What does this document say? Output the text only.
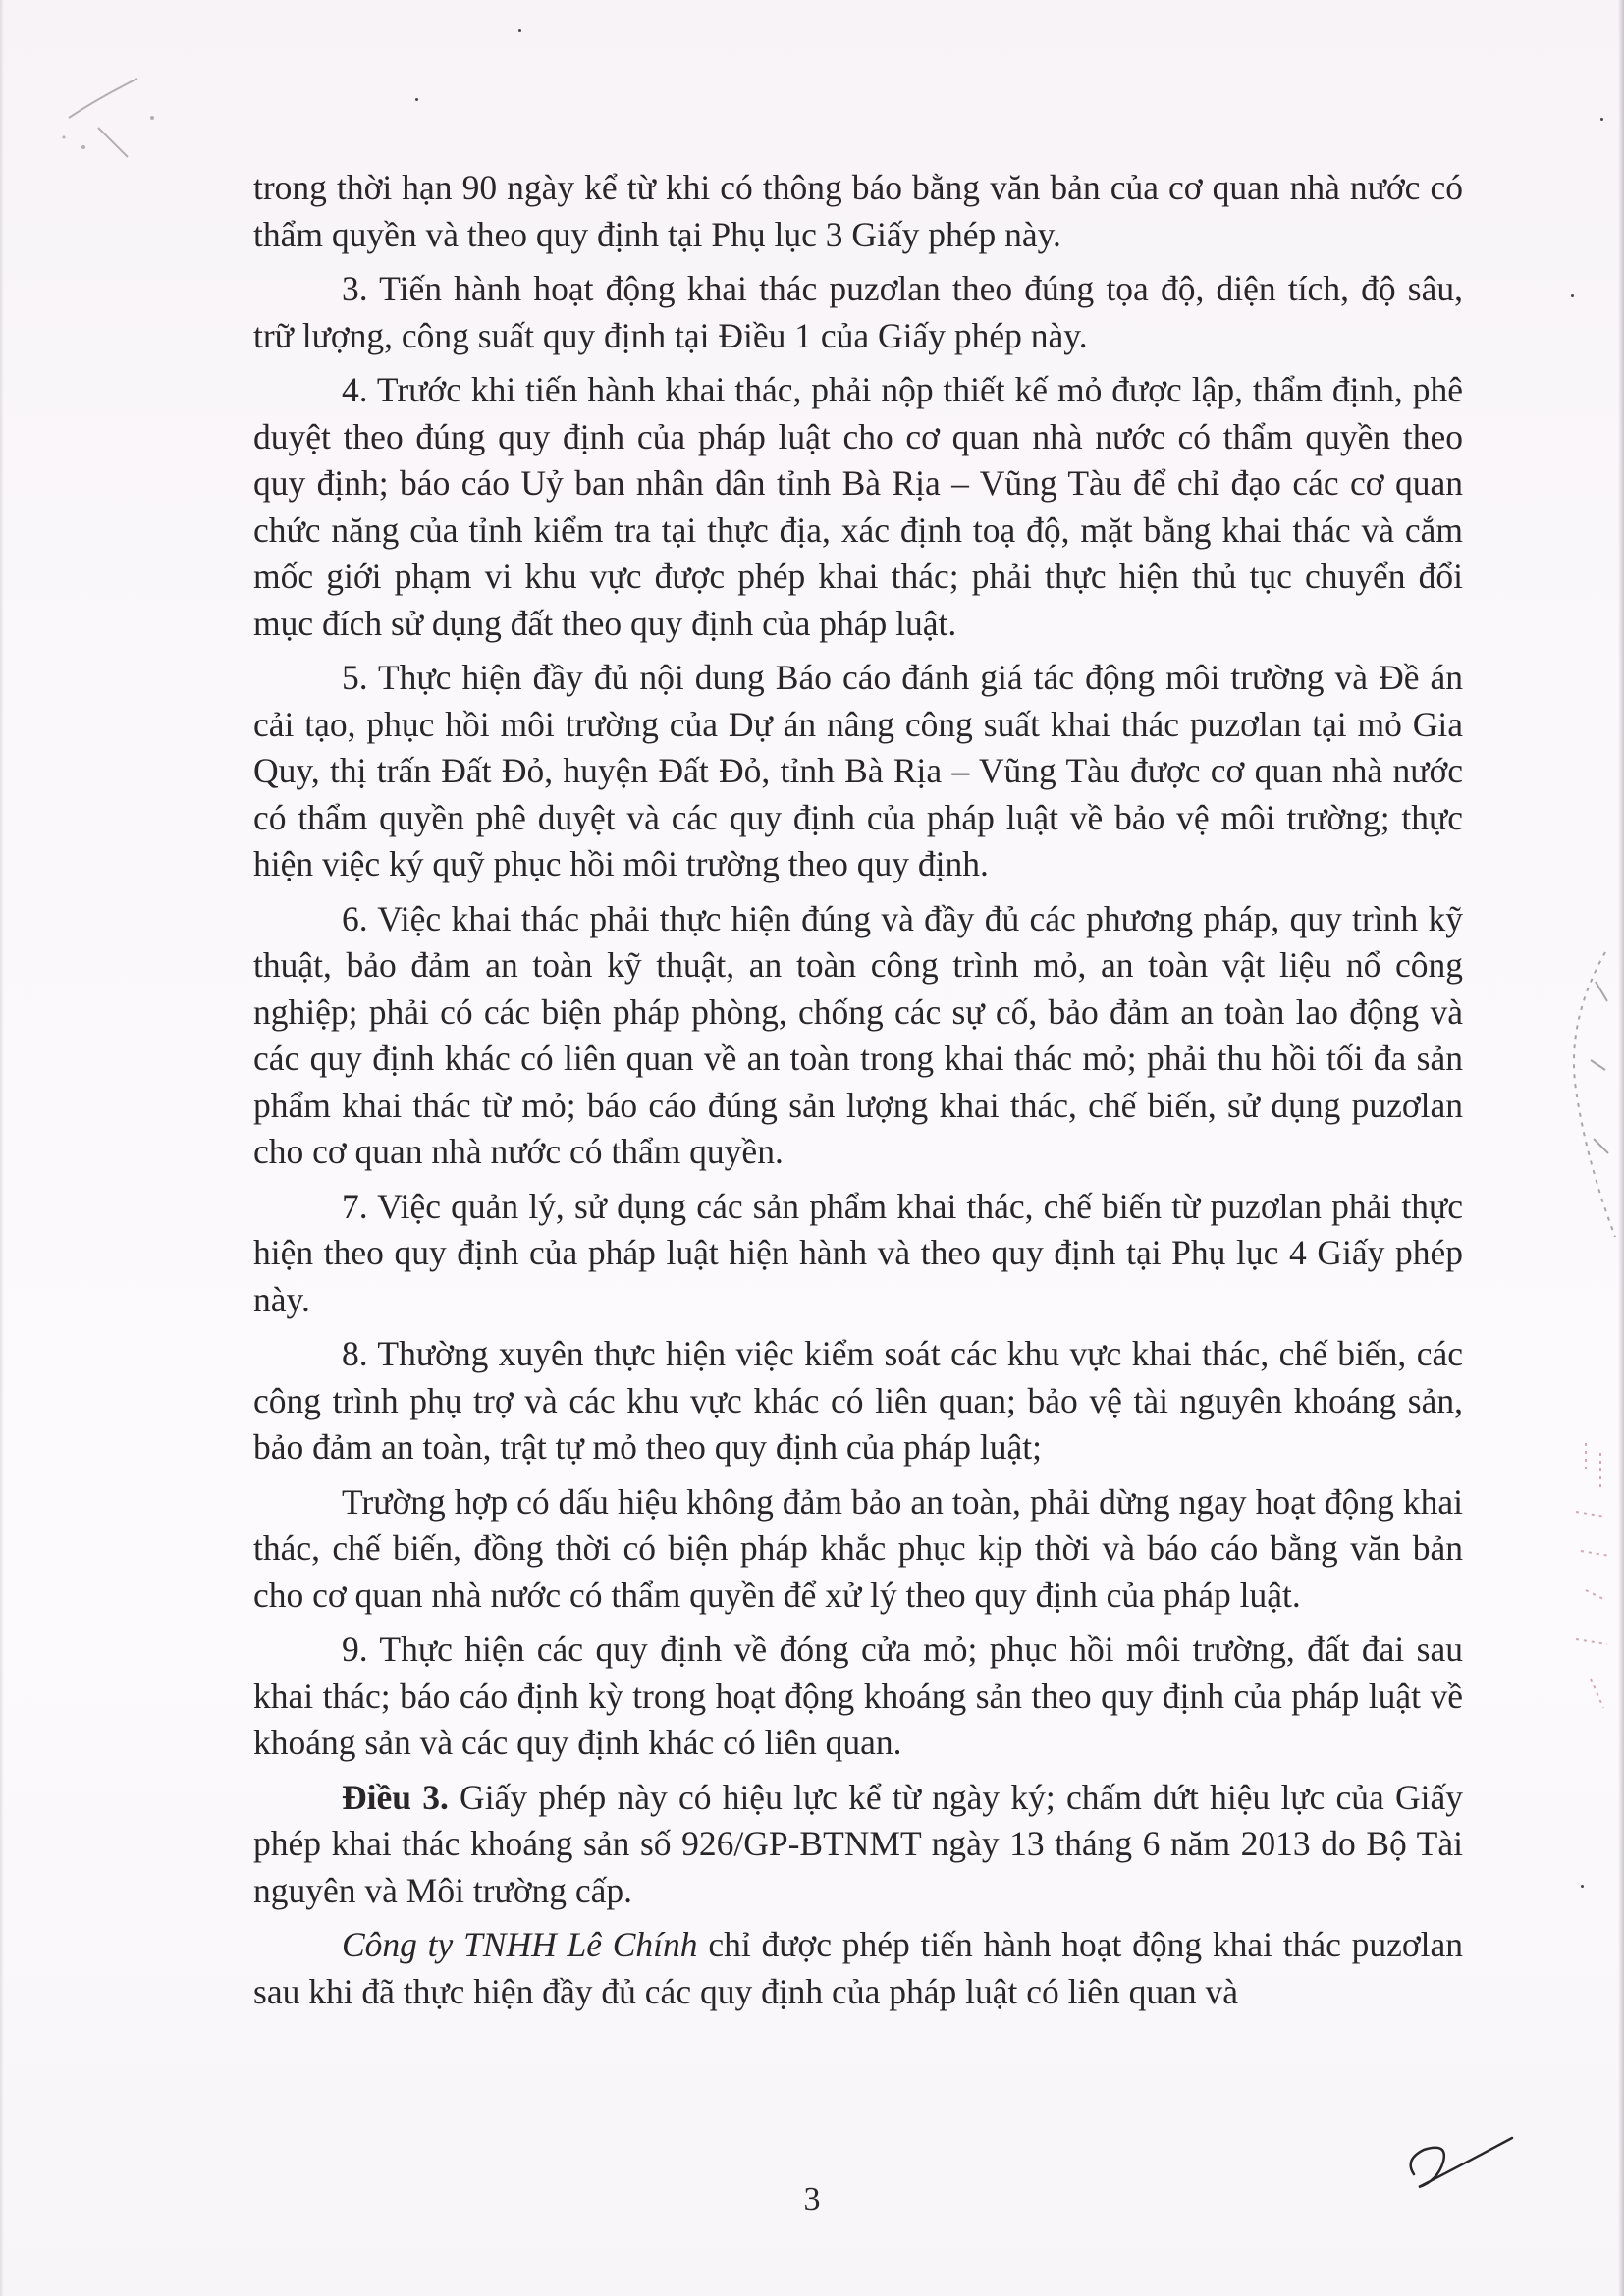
trong thời hạn 90 ngày kể từ khi có thông báo bằng văn bản của cơ quan nhà nước có thẩm quyền và theo quy định tại Phụ lục 3 Giấy phép này.

3. Tiến hành hoạt động khai thác puzơlan theo đúng tọa độ, diện tích, độ sâu, trữ lượng, công suất quy định tại Điều 1 của Giấy phép này.

4. Trước khi tiến hành khai thác, phải nộp thiết kế mỏ được lập, thẩm định, phê duyệt theo đúng quy định của pháp luật cho cơ quan nhà nước có thẩm quyền theo quy định; báo cáo Uỷ ban nhân dân tỉnh Bà Rịa – Vũng Tàu để chỉ đạo các cơ quan chức năng của tỉnh kiểm tra tại thực địa, xác định toạ độ, mặt bằng khai thác và cắm mốc giới phạm vi khu vực được phép khai thác; phải thực hiện thủ tục chuyển đổi mục đích sử dụng đất theo quy định của pháp luật.

5. Thực hiện đầy đủ nội dung Báo cáo đánh giá tác động môi trường và Đề án cải tạo, phục hồi môi trường của Dự án nâng công suất khai thác puzơlan tại mỏ Gia Quy, thị trấn Đất Đỏ, huyện Đất Đỏ, tỉnh Bà Rịa – Vũng Tàu được cơ quan nhà nước có thẩm quyền phê duyệt và các quy định của pháp luật về bảo vệ môi trường; thực hiện việc ký quỹ phục hồi môi trường theo quy định.

6. Việc khai thác phải thực hiện đúng và đầy đủ các phương pháp, quy trình kỹ thuật, bảo đảm an toàn kỹ thuật, an toàn công trình mỏ, an toàn vật liệu nổ công nghiệp; phải có các biện pháp phòng, chống các sự cố, bảo đảm an toàn lao động và các quy định khác có liên quan về an toàn trong khai thác mỏ; phải thu hồi tối đa sản phẩm khai thác từ mỏ; báo cáo đúng sản lượng khai thác, chế biến, sử dụng puzơlan cho cơ quan nhà nước có thẩm quyền.

7. Việc quản lý, sử dụng các sản phẩm khai thác, chế biến từ puzơlan phải thực hiện theo quy định của pháp luật hiện hành và theo quy định tại Phụ lục 4 Giấy phép này.

8. Thường xuyên thực hiện việc kiểm soát các khu vực khai thác, chế biến, các công trình phụ trợ và các khu vực khác có liên quan; bảo vệ tài nguyên khoáng sản, bảo đảm an toàn, trật tự mỏ theo quy định của pháp luật;

Trường hợp có dấu hiệu không đảm bảo an toàn, phải dừng ngay hoạt động khai thác, chế biến, đồng thời có biện pháp khắc phục kịp thời và báo cáo bằng văn bản cho cơ quan nhà nước có thẩm quyền để xử lý theo quy định của pháp luật.

9. Thực hiện các quy định về đóng cửa mỏ; phục hồi môi trường, đất đai sau khai thác; báo cáo định kỳ trong hoạt động khoáng sản theo quy định của pháp luật về khoáng sản và các quy định khác có liên quan.

Điều 3. Giấy phép này có hiệu lực kể từ ngày ký; chấm dứt hiệu lực của Giấy phép khai thác khoáng sản số 926/GP-BTNMT ngày 13 tháng 6 năm 2013 do Bộ Tài nguyên và Môi trường cấp.

Công ty TNHH Lê Chính chỉ được phép tiến hành hoạt động khai thác puzơlan sau khi đã thực hiện đầy đủ các quy định của pháp luật có liên quan và

3
